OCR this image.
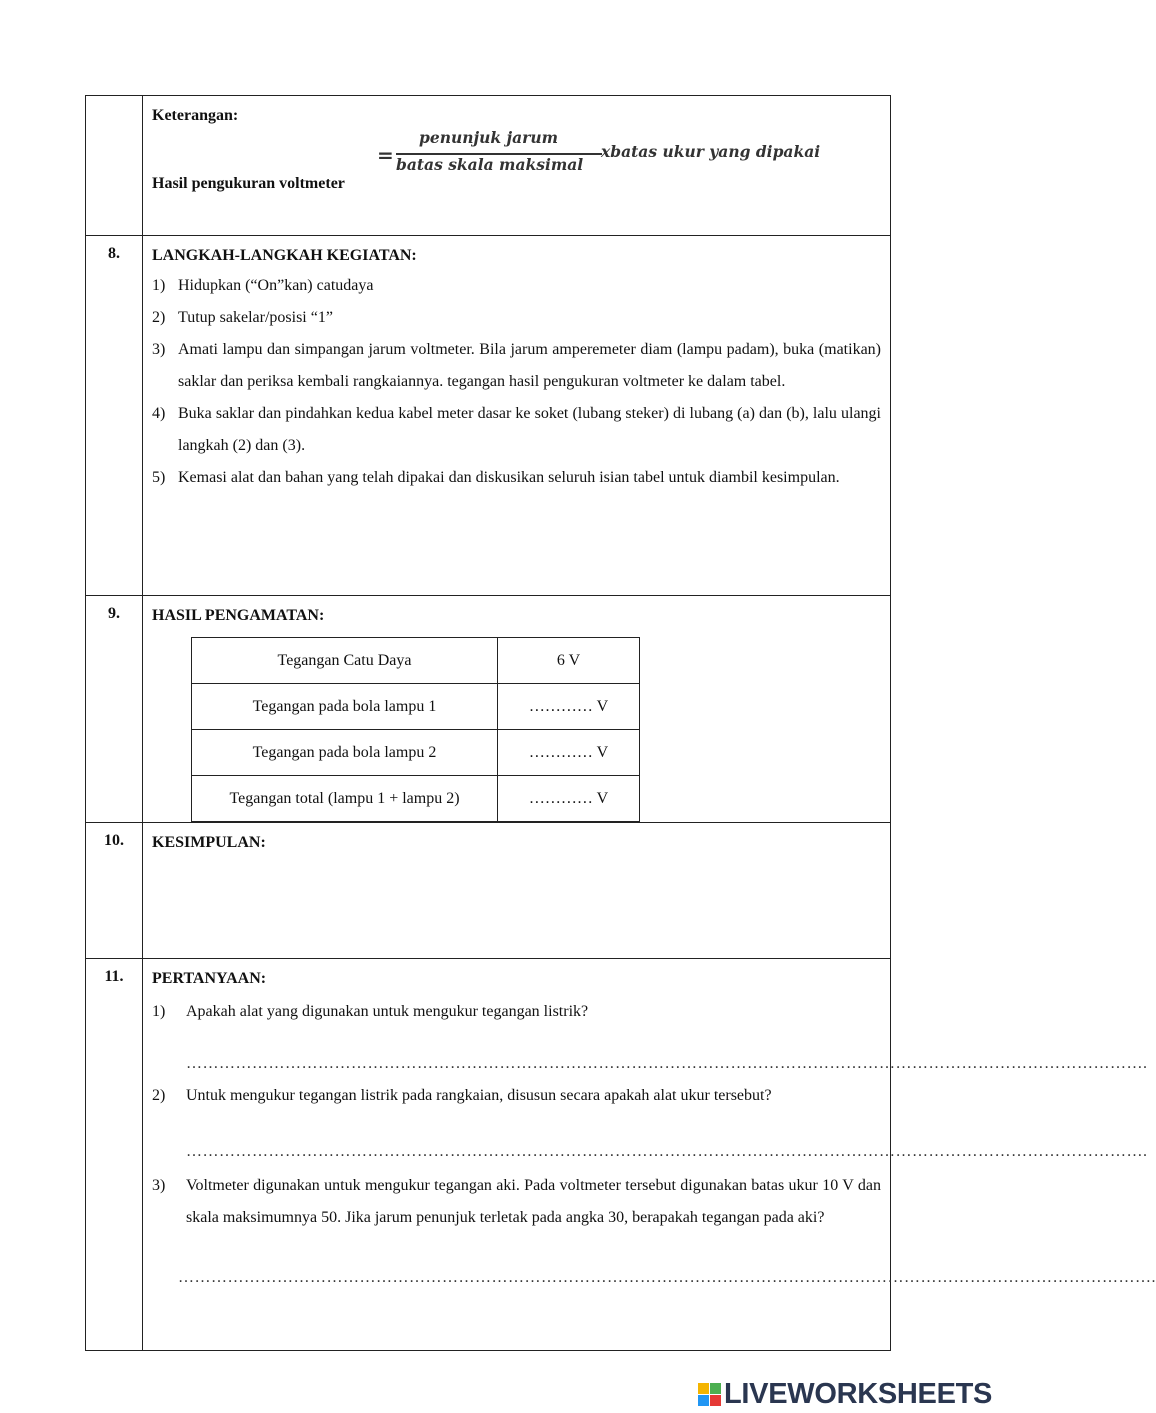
Keterangan:
Hasil pengukuran voltmeter
=
penunjuk jarum
batas skala maksimal
xbatas ukur yang dipakai

8.	LANGKAH-LANGKAH KEGIATAN:
1) Hidupkan (“On”kan) catudaya
2) Tutup sakelar/posisi “1”
3) Amati lampu dan simpangan jarum voltmeter. Bila jarum amperemeter diam (lampu padam), buka (matikan) saklar dan periksa kembali rangkaiannya. tegangan hasil pengukuran voltmeter ke dalam tabel.
4) Buka saklar dan pindahkan kedua kabel meter dasar ke soket (lubang steker) di lubang (a) dan (b), lalu ulangi langkah (2) dan (3).
5) Kemasi alat dan bahan yang telah dipakai dan diskusikan seluruh isian tabel untuk diambil kesimpulan.

9.	HASIL PENGAMATAN:
Tegangan Catu Daya	6 V
Tegangan pada bola lampu 1	………… V
Tegangan pada bola lampu 2	………… V
Tegangan total (lampu 1 + lampu 2)	………… V

10.	KESIMPULAN:

11.	PERTANYAAN:
1)	Apakah alat yang digunakan untuk mengukur tegangan listrik?
………………………………………………………………………………………………………………………………………………………….
2)	Untuk mengukur tegangan listrik pada rangkaian, disusun secara apakah alat ukur tersebut?
………………………………………………………………………………………………………………………………………………………….
3)	Voltmeter digunakan untuk mengukur tegangan aki. Pada voltmeter tersebut digunakan batas ukur 10 V dan skala maksimumnya 50. Jika jarum penunjuk terletak pada angka 30, berapakah tegangan pada aki?
…………………………………………………………………………………………………………………………………………………………….
LIVEWORKSHEETS
